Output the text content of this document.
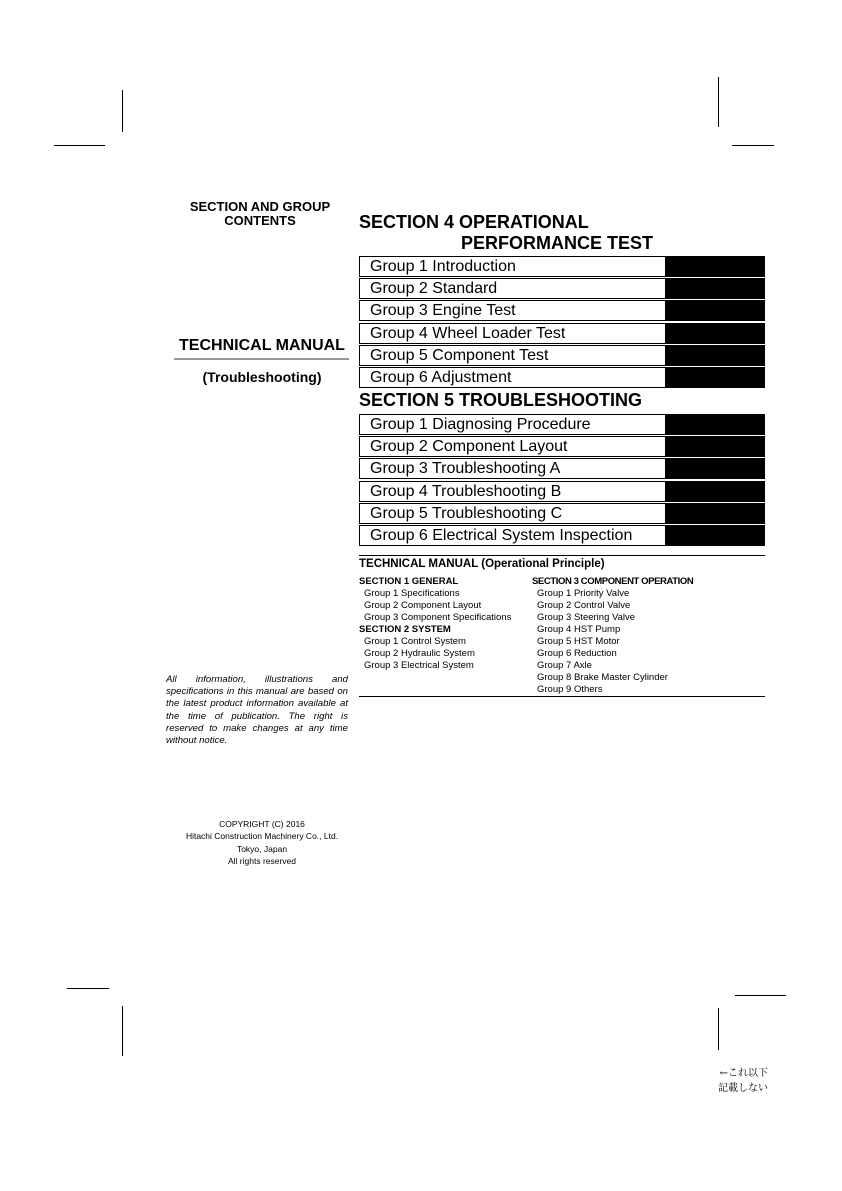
SECTION AND GROUP
CONTENTS
TECHNICAL MANUAL
(Troubleshooting)
All information, illustrations and specifications in this manual are based on the latest product information available at the time of publication. The right is reserved to make changes at any time without notice.
COPYRIGHT (C) 2016
Hitachi Construction Machinery Co., Ltd.
Tokyo, Japan
All rights reserved
SECTION 4 OPERATIONAL
PERFORMANCE TEST
Group 1 Introduction
Group 2 Standard
Group 3 Engine Test
Group 4 Wheel Loader Test
Group 5 Component Test
Group 6 Adjustment
SECTION 5 TROUBLESHOOTING
Group 1 Diagnosing Procedure
Group 2 Component Layout
Group 3 Troubleshooting A
Group 4 Troubleshooting B
Group 5 Troubleshooting C
Group 6 Electrical System Inspection
TECHNICAL MANUAL (Operational Principle)
SECTION 1 GENERAL
Group 1 Specifications
Group 2 Component Layout
Group 3 Component Specifications
SECTION 2 SYSTEM
Group 1 Control System
Group 2 Hydraulic System
Group 3 Electrical System
SECTION 3 COMPONENT OPERATION
Group 1 Priority Valve
Group 2 Control Valve
Group 3 Steering Valve
Group 4 HST Pump
Group 5 HST Motor
Group 6 Reduction
Group 7 Axle
Group 8 Brake Master Cylinder
Group 9 Others
←これ以下
記載しない
